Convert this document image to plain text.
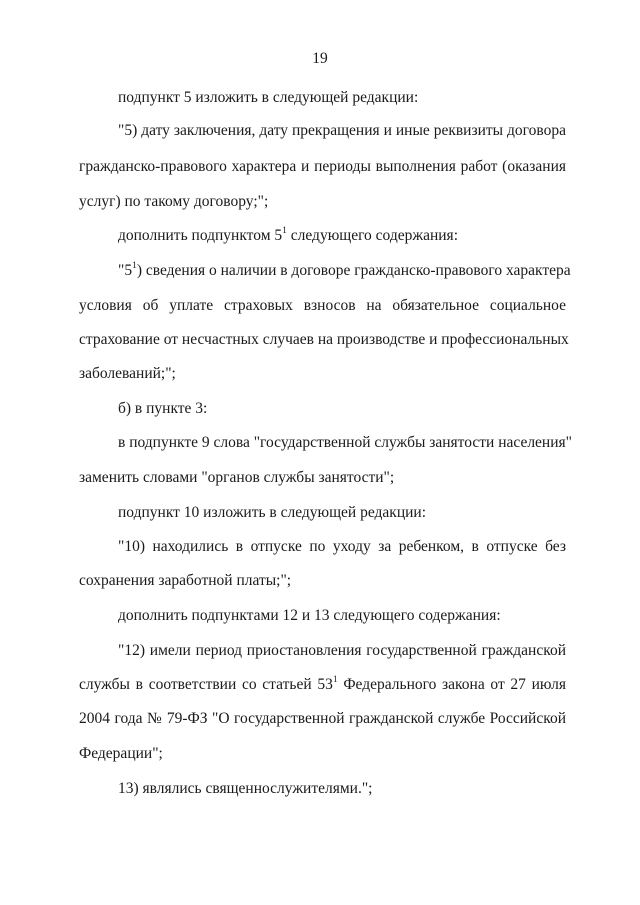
19
подпункт 5 изложить в следующей редакции:
"5) дату заключения, дату прекращения и иные реквизиты договора
гражданско-правового характера и периоды выполнения работ (оказания
услуг) по такому договору;";
дополнить подпунктом $5^1$ следующего содержания:
"$5^1$) сведения о наличии в договоре гражданско-правового характера
условия об уплате страховых взносов на обязательное социальное
страхование от несчастных случаев на производстве и профессиональных
заболеваний;";
б) в пункте 3:
в подпункте 9 слова "государственной службы занятости населения"
заменить словами "органов службы занятости";
подпункт 10 изложить в следующей редакции:
"10) находились в отпуске по уходу за ребенком, в отпуске без
сохранения заработной платы;";
дополнить подпунктами 12 и 13 следующего содержания:
"12) имели период приостановления государственной гражданской
службы в соответствии со статьей $53^1$ Федерального закона от 27 июля
2004 года № 79-ФЗ "О государственной гражданской службе Российской
Федерации";
13) являлись священнослужителями.";
